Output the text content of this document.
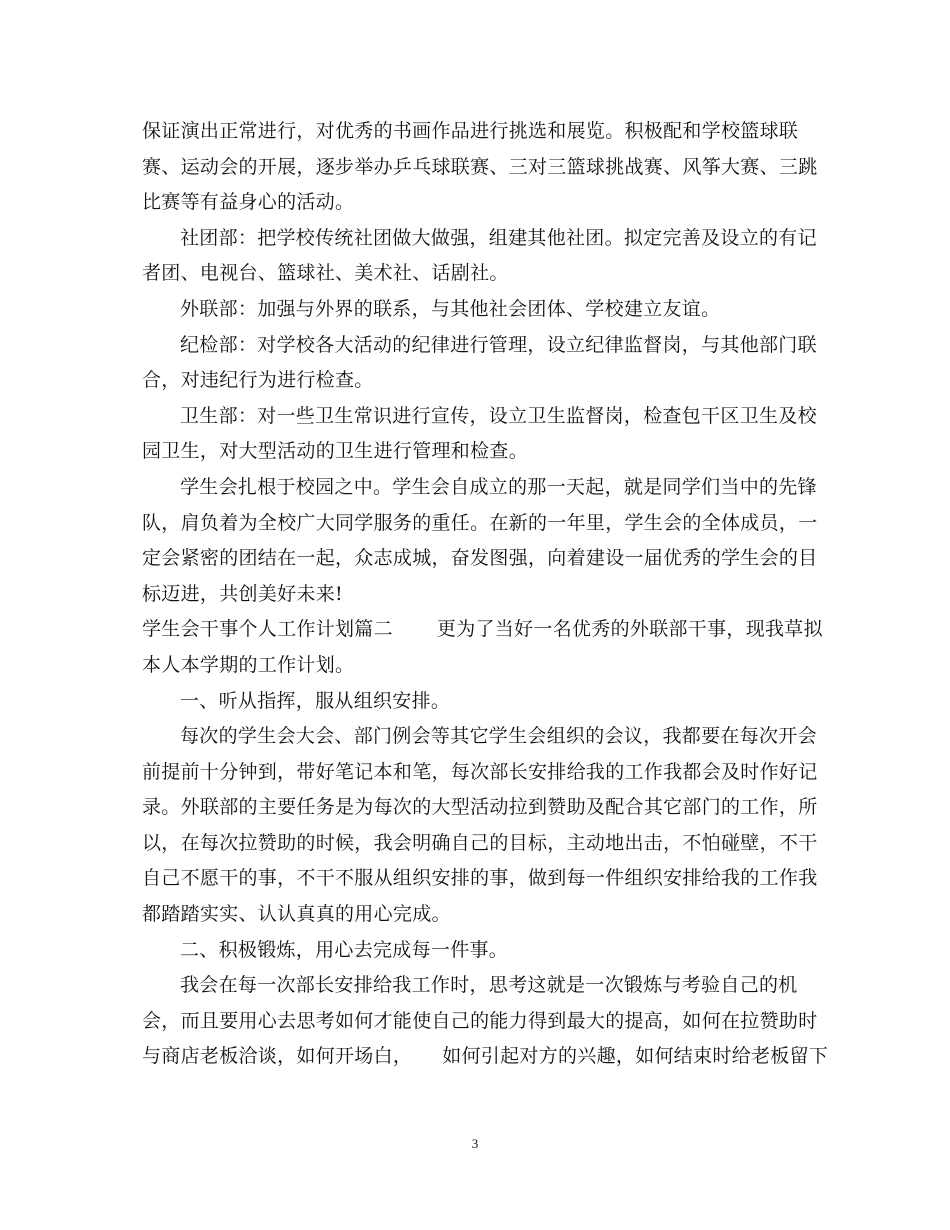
保证演出正常进行，对优秀的书画作品进行挑选和展览。积极配和学校篮球联
赛、运动会的开展，逐步举办乒乓球联赛、三对三篮球挑战赛、风筝大赛、三跳
比赛等有益身心的活动。
社团部：把学校传统社团做大做强，组建其他社团。拟定完善及设立的有记
者团、电视台、篮球社、美术社、话剧社。
外联部：加强与外界的联系，与其他社会团体、学校建立友谊。
纪检部：对学校各大活动的纪律进行管理，设立纪律监督岗，与其他部门联
合，对违纪行为进行检查。
卫生部：对一些卫生常识进行宣传，设立卫生监督岗，检查包干区卫生及校
园卫生，对大型活动的卫生进行管理和检查。
学生会扎根于校园之中。学生会自成立的那一天起，就是同学们当中的先锋
队，肩负着为全校广大同学服务的重任。在新的一年里，学生会的全体成员，一
定会紧密的团结在一起，众志成城，奋发图强，向着建设一届优秀的学生会的目
标迈进，共创美好未来!
学生会干事个人工作计划篇二 更为了当好一名优秀的外联部干事，现我草拟
本人本学期的工作计划。
一、听从指挥，服从组织安排。
每次的学生会大会、部门例会等其它学生会组织的会议，我都要在每次开会
前提前十分钟到，带好笔记本和笔，每次部长安排给我的工作我都会及时作好记
录。外联部的主要任务是为每次的大型活动拉到赞助及配合其它部门的工作，所
以，在每次拉赞助的时候，我会明确自己的目标，主动地出击，不怕碰壁，不干
自己不愿干的事，不干不服从组织安排的事，做到每一件组织安排给我的工作我
都踏踏实实、认认真真的用心完成。
二、积极锻炼，用心去完成每一件事。
我会在每一次部长安排给我工作时，思考这就是一次锻炼与考验自己的机
会，而且要用心去思考如何才能使自己的能力得到最大的提高，如何在拉赞助时
与商店老板洽谈，如何开场白， 如何引起对方的兴趣，如何结束时给老板留下
3
